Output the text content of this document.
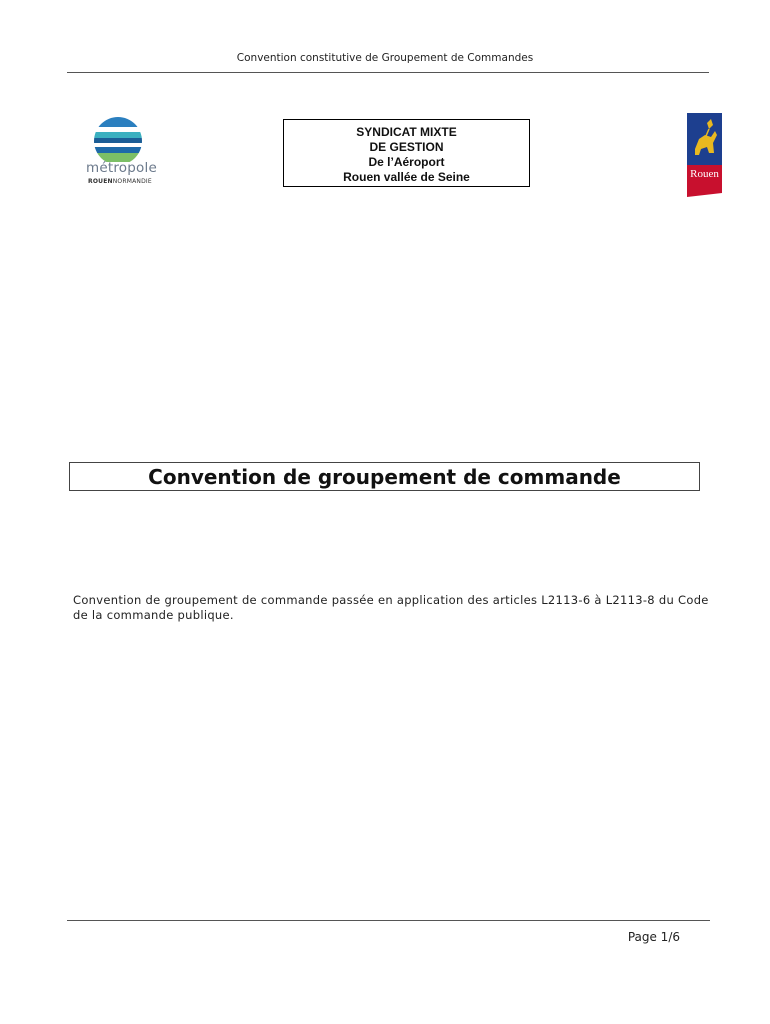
Convention constitutive de Groupement de Commandes
métropole
ROUENNORMANDIE
SYNDICAT MIXTE
DE GESTION
De l’Aéroport
Rouen vallée de Seine	Rouen
Convention de groupement de commande
Convention de groupement de commande passée en application des articles L2113-6 à L2113-8 du Code de la commande publique.
Page 1/6
